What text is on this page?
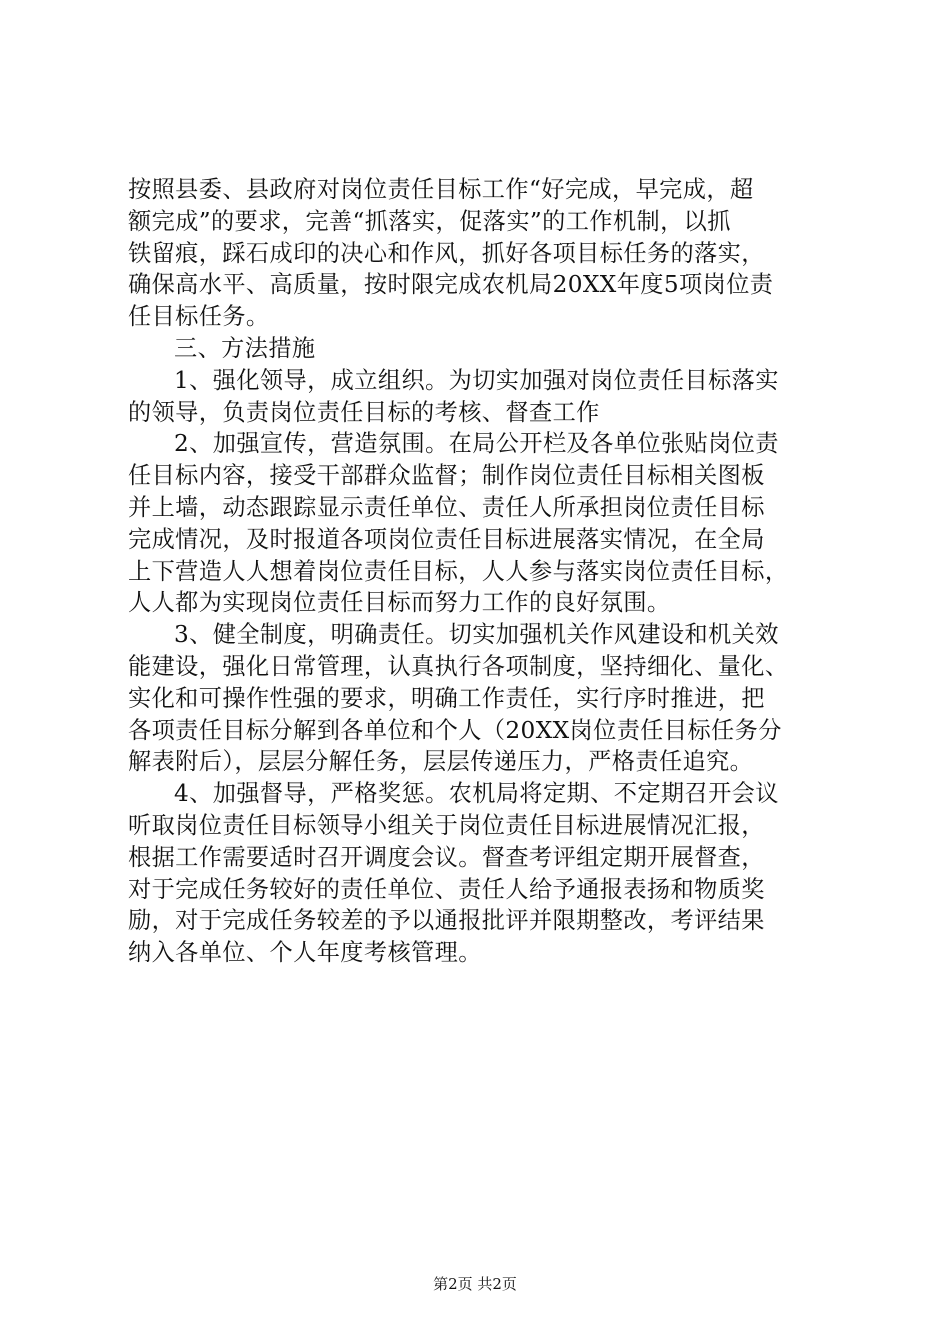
按照县委、县政府对岗位责任目标工作“好完成，早完成，超
额完成”的要求，完善“抓落实，促落实”的工作机制，以抓
铁留痕，踩石成印的决心和作风，抓好各项目标任务的落实，
确保高水平、高质量，按时限完成农机局20XX年度5项岗位责
任目标任务。
三、方法措施
1、强化领导，成立组织。为切实加强对岗位责任目标落实
的领导，负责岗位责任目标的考核、督查工作
2、加强宣传，营造氛围。在局公开栏及各单位张贴岗位责
任目标内容，接受干部群众监督；制作岗位责任目标相关图板
并上墙，动态跟踪显示责任单位、责任人所承担岗位责任目标
完成情况，及时报道各项岗位责任目标进展落实情况，在全局
上下营造人人想着岗位责任目标，人人参与落实岗位责任目标，
人人都为实现岗位责任目标而努力工作的良好氛围。
3、健全制度，明确责任。切实加强机关作风建设和机关效
能建设，强化日常管理，认真执行各项制度，坚持细化、量化、
实化和可操作性强的要求，明确工作责任，实行序时推进，把
各项责任目标分解到各单位和个人（20XX岗位责任目标任务分
解表附后），层层分解任务，层层传递压力，严格责任追究。
4、加强督导，严格奖惩。农机局将定期、不定期召开会议
听取岗位责任目标领导小组关于岗位责任目标进展情况汇报，
根据工作需要适时召开调度会议。督查考评组定期开展督查，
对于完成任务较好的责任单位、责任人给予通报表扬和物质奖
励，对于完成任务较差的予以通报批评并限期整改，考评结果
纳入各单位、个人年度考核管理。
第2页 共2页
